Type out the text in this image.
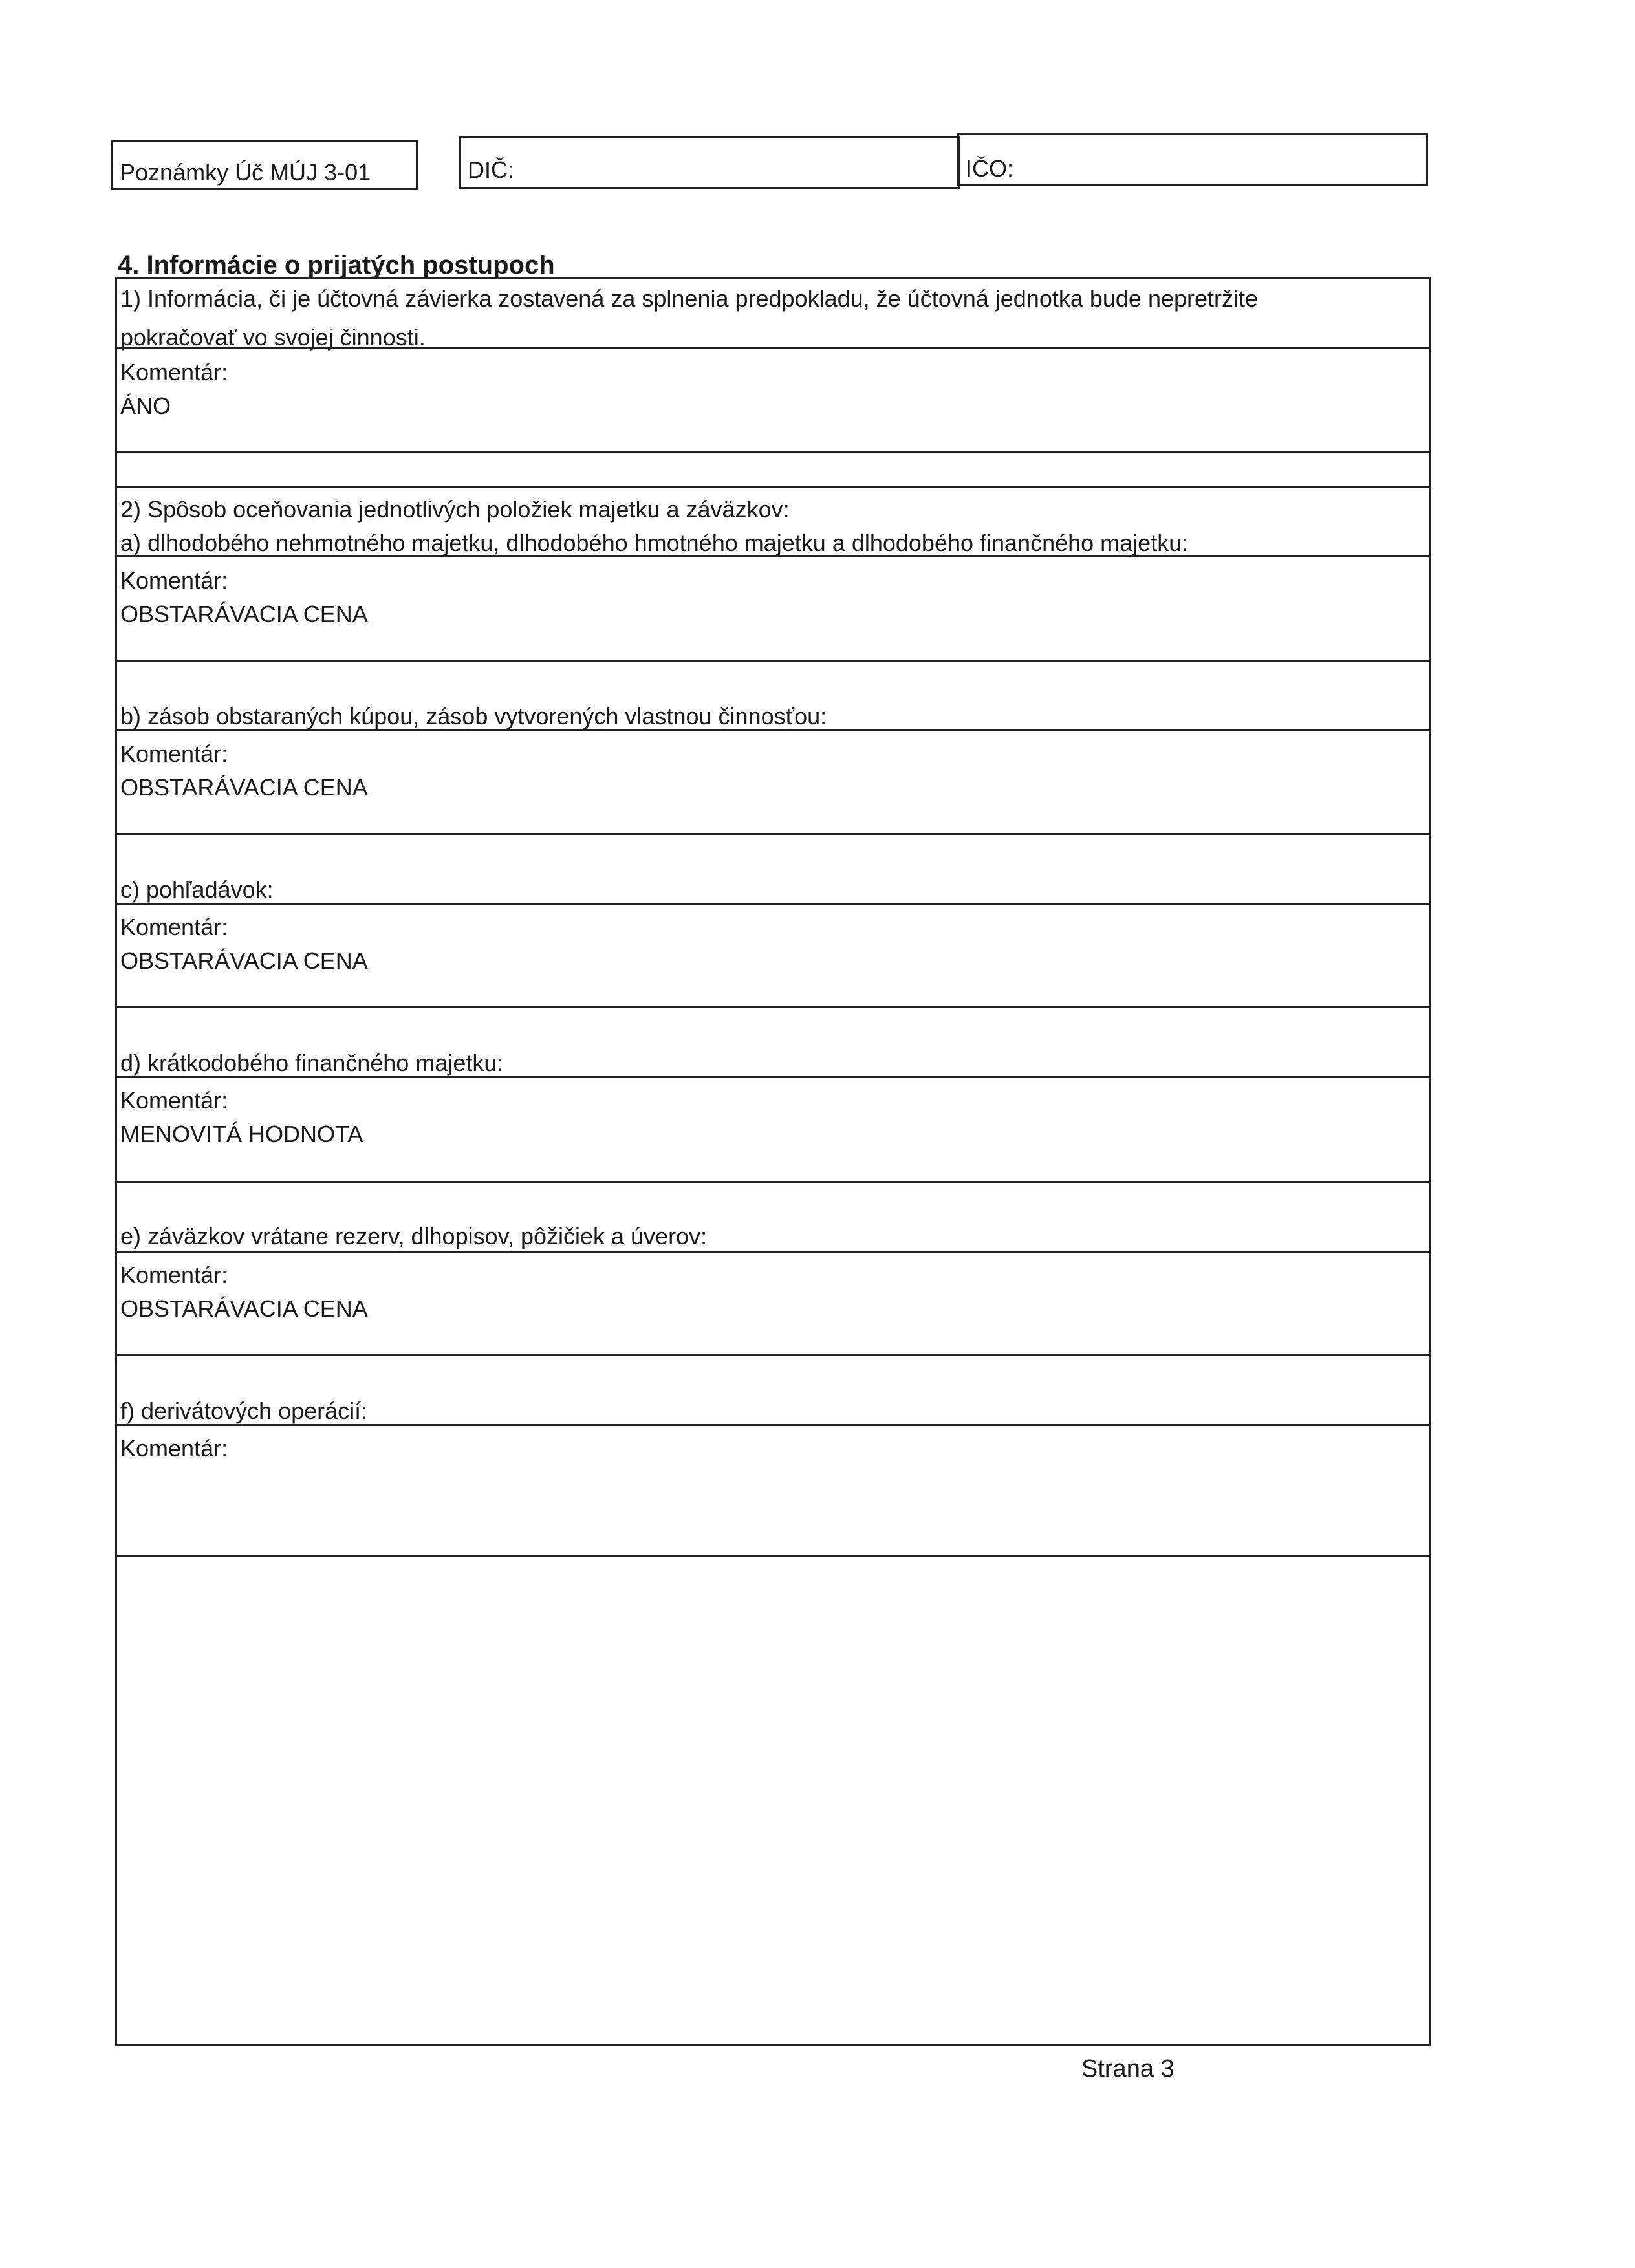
Poznámky Úč MÚJ 3-01	DIČ:	IČO:
4. Informácie o prijatých postupoch
1) Informácia, či je účtovná závierka zostavená za splnenia predpokladu, že účtovná jednotka bude nepretržite
pokračovať vo svojej činnosti.
Komentár:
ÁNO
2) Spôsob oceňovania jednotlivých položiek majetku a záväzkov:
a) dlhodobého nehmotného majetku, dlhodobého hmotného majetku a dlhodobého finančného majetku:
Komentár:
OBSTARÁVACIA CENA
b) zásob obstaraných kúpou, zásob vytvorených vlastnou činnosťou:
Komentár:
OBSTARÁVACIA CENA
c) pohľadávok:
Komentár:
OBSTARÁVACIA CENA
d) krátkodobého finančného majetku:
Komentár:
MENOVITÁ HODNOTA
e) záväzkov vrátane rezerv, dlhopisov, pôžičiek a úverov:
Komentár:
OBSTARÁVACIA CENA
f) derivátových operácií:
Komentár:
Strana 3
